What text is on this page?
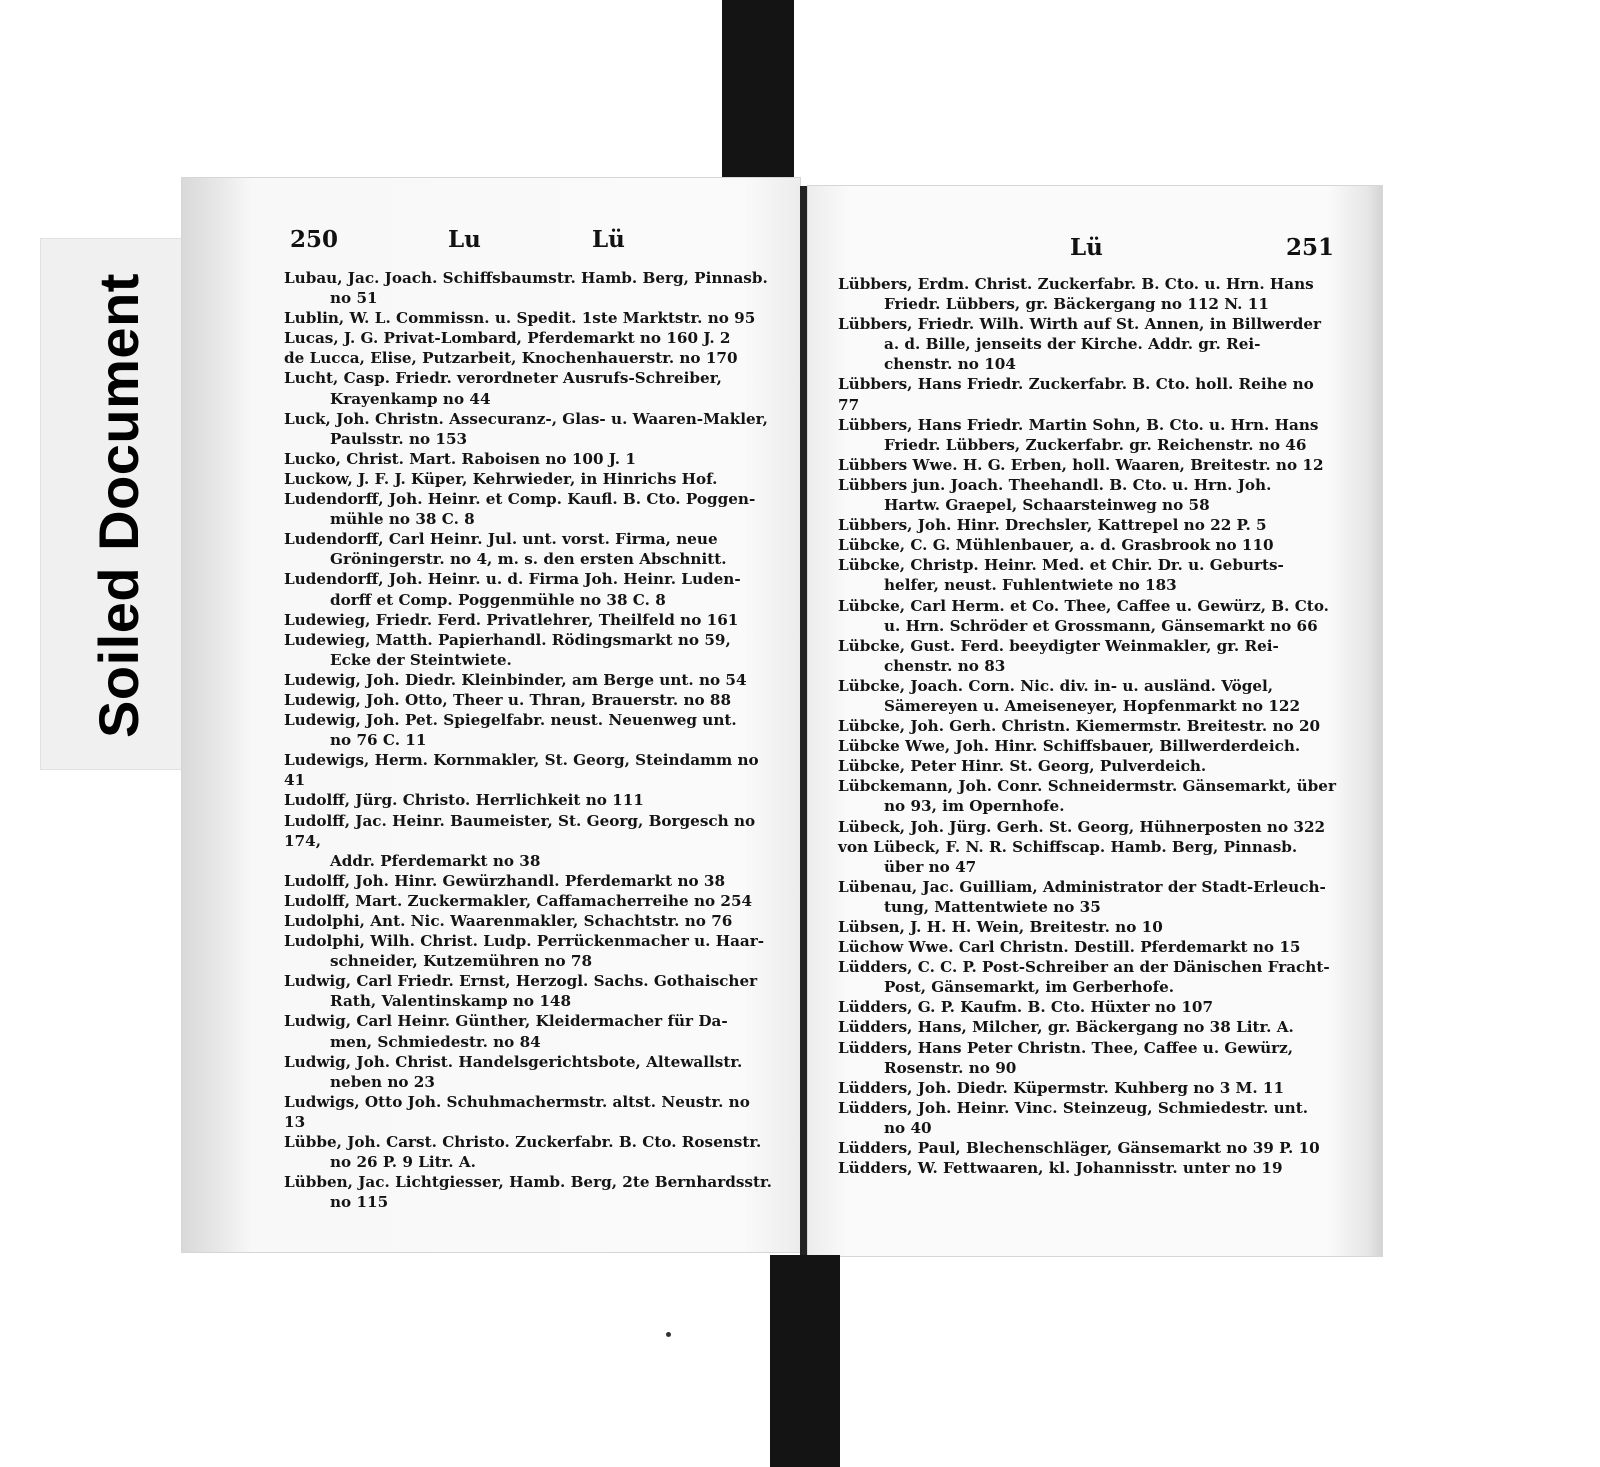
Soiled Document
250	Lu	Lü
Lubau, Jac. Joach. Schiffsbaumstr. Hamb. Berg, Pinnasb.
no 51
Lublin, W. L. Commissn. u. Spedit. 1ste Marktstr. no 95
Lucas, J. G. Privat-Lombard, Pferdemarkt no 160 J. 2
de Lucca, Elise, Putzarbeit, Knochenhauerstr. no 170
Lucht, Casp. Friedr. verordneter Ausrufs-Schreiber,
Krayenkamp no 44
Luck, Joh. Christn. Assecuranz-, Glas- u. Waaren-Makler,
Paulsstr. no 153
Lucko, Christ. Mart. Raboisen no 100 J. 1
Luckow, J. F. J. Küper, Kehrwieder, in Hinrichs Hof.
Ludendorff, Joh. Heinr. et Comp. Kaufl. B. Cto. Poggen-
mühle no 38 C. 8
Ludendorff, Carl Heinr. Jul. unt. vorst. Firma, neue
Gröningerstr. no 4, m. s. den ersten Abschnitt.
Ludendorff, Joh. Heinr. u. d. Firma Joh. Heinr. Luden-
dorff et Comp. Poggenmühle no 38 C. 8
Ludewieg, Friedr. Ferd. Privatlehrer, Theilfeld no 161
Ludewieg, Matth. Papierhandl. Rödingsmarkt no 59,
Ecke der Steintwiete.
Ludewig, Joh. Diedr. Kleinbinder, am Berge unt. no 54
Ludewig, Joh. Otto, Theer u. Thran, Brauerstr. no 88
Ludewig, Joh. Pet. Spiegelfabr. neust. Neuenweg unt.
no 76 C. 11
Ludewigs, Herm. Kornmakler, St. Georg, Steindamm no 41
Ludolff, Jürg. Christo. Herrlichkeit no 111
Ludolff, Jac. Heinr. Baumeister, St. Georg, Borgesch no 174,
Addr. Pferdemarkt no 38
Ludolff, Joh. Hinr. Gewürzhandl. Pferdemarkt no 38
Ludolff, Mart. Zuckermakler, Caffamacherreihe no 254
Ludolphi, Ant. Nic. Waarenmakler, Schachtstr. no 76
Ludolphi, Wilh. Christ. Ludp. Perrückenmacher u. Haar-
schneider, Kutzemühren no 78
Ludwig, Carl Friedr. Ernst, Herzogl. Sachs. Gothaischer
Rath, Valentinskamp no 148
Ludwig, Carl Heinr. Günther, Kleidermacher für Da-
men, Schmiedestr. no 84
Ludwig, Joh. Christ. Handelsgerichtsbote, Altewallstr.
neben no 23
Ludwigs, Otto Joh. Schuhmachermstr. altst. Neustr. no 13
Lübbe, Joh. Carst. Christo. Zuckerfabr. B. Cto. Rosenstr.
no 26 P. 9 Litr. A.
Lübben, Jac. Lichtgiesser, Hamb. Berg, 2te Bernhardsstr.
no 115
Lü	251
Lübbers, Erdm. Christ. Zuckerfabr. B. Cto. u. Hrn. Hans
Friedr. Lübbers, gr. Bäckergang no 112 N. 11
Lübbers, Friedr. Wilh. Wirth auf St. Annen, in Billwerder
a. d. Bille, jenseits der Kirche. Addr. gr. Rei-
chenstr. no 104
Lübbers, Hans Friedr. Zuckerfabr. B. Cto. holl. Reihe no 77
Lübbers, Hans Friedr. Martin Sohn, B. Cto. u. Hrn. Hans
Friedr. Lübbers, Zuckerfabr. gr. Reichenstr. no 46
Lübbers Wwe. H. G. Erben, holl. Waaren, Breitestr. no 12
Lübbers jun. Joach. Theehandl. B. Cto. u. Hrn. Joh.
Hartw. Graepel, Schaarsteinweg no 58
Lübbers, Joh. Hinr. Drechsler, Kattrepel no 22 P. 5
Lübcke, C. G. Mühlenbauer, a. d. Grasbrook no 110
Lübcke, Christp. Heinr. Med. et Chir. Dr. u. Geburts-
helfer, neust. Fuhlentwiete no 183
Lübcke, Carl Herm. et Co. Thee, Caffee u. Gewürz, B. Cto.
u. Hrn. Schröder et Grossmann, Gänsemarkt no 66
Lübcke, Gust. Ferd. beeydigter Weinmakler, gr. Rei-
chenstr. no 83
Lübcke, Joach. Corn. Nic. div. in- u. ausländ. Vögel,
Sämereyen u. Ameiseneyer, Hopfenmarkt no 122
Lübcke, Joh. Gerh. Christn. Kiemermstr. Breitestr. no 20
Lübcke Wwe, Joh. Hinr. Schiffsbauer, Billwerderdeich.
Lübcke, Peter Hinr. St. Georg, Pulverdeich.
Lübckemann, Joh. Conr. Schneidermstr. Gänsemarkt, über
no 93, im Opernhofe.
Lübeck, Joh. Jürg. Gerh. St. Georg, Hühnerposten no 322
von Lübeck, F. N. R. Schiffscap. Hamb. Berg, Pinnasb.
über no 47
Lübenau, Jac. Guilliam, Administrator der Stadt-Erleuch-
tung, Mattentwiete no 35
Lübsen, J. H. H. Wein, Breitestr. no 10
Lüchow Wwe. Carl Christn. Destill. Pferdemarkt no 15
Lüdders, C. C. P. Post-Schreiber an der Dänischen Fracht-
Post, Gänsemarkt, im Gerberhofe.
Lüdders, G. P. Kaufm. B. Cto. Hüxter no 107
Lüdders, Hans, Milcher, gr. Bäckergang no 38 Litr. A.
Lüdders, Hans Peter Christn. Thee, Caffee u. Gewürz,
Rosenstr. no 90
Lüdders, Joh. Diedr. Küpermstr. Kuhberg no 3 M. 11
Lüdders, Joh. Heinr. Vinc. Steinzeug, Schmiedestr. unt.
no 40
Lüdders, Paul, Blechenschläger, Gänsemarkt no 39 P. 10
Lüdders, W. Fettwaaren, kl. Johannisstr. unter no 19
